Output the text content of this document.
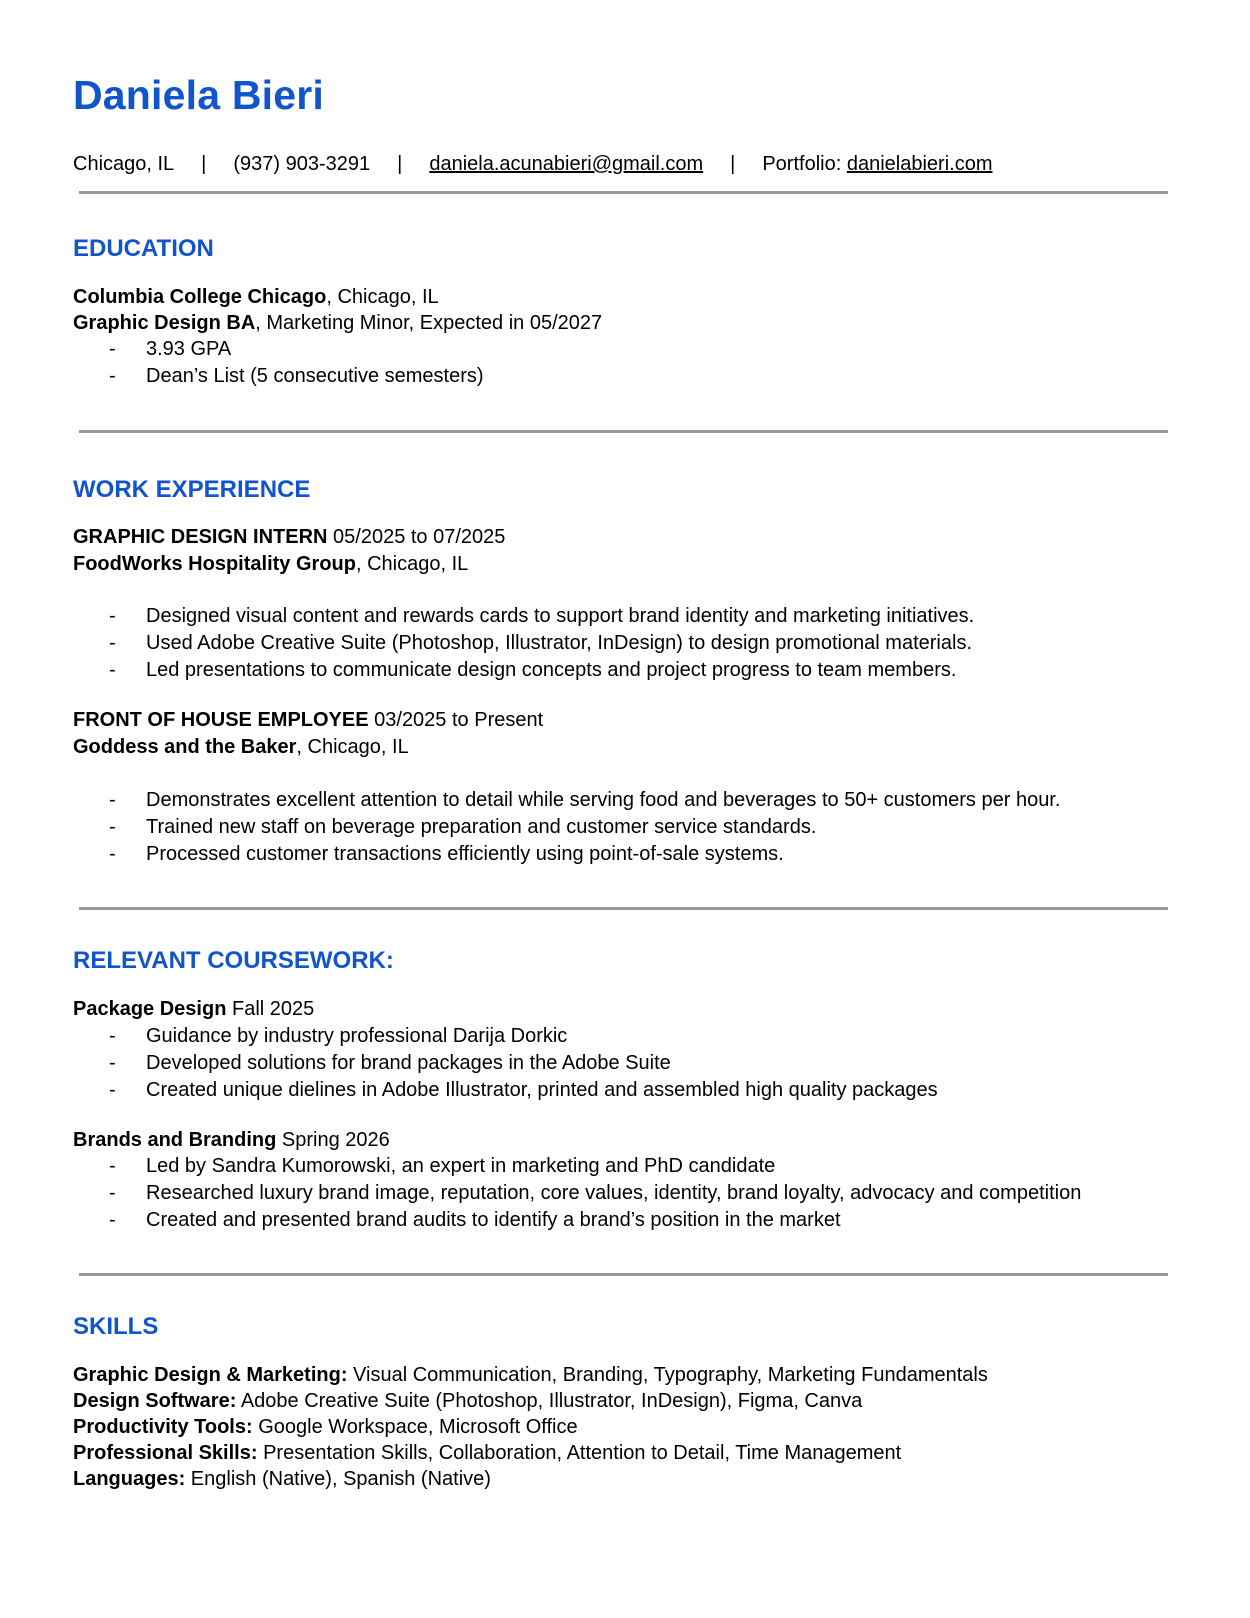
Daniela Bieri
Chicago, IL | (937) 903-3291 | daniela.acunabieri@gmail.com | Portfolio: danielabieri.com
EDUCATION
Columbia College Chicago, Chicago, IL
Graphic Design BA, Marketing Minor, Expected in 05/2027
- 3.93 GPA
- Dean’s List (5 consecutive semesters)
WORK EXPERIENCE
GRAPHIC DESIGN INTERN 05/2025 to 07/2025
FoodWorks Hospitality Group, Chicago, IL
- Designed visual content and rewards cards to support brand identity and marketing initiatives.
- Used Adobe Creative Suite (Photoshop, Illustrator, InDesign) to design promotional materials.
- Led presentations to communicate design concepts and project progress to team members.
FRONT OF HOUSE EMPLOYEE 03/2025 to Present
Goddess and the Baker, Chicago, IL
- Demonstrates excellent attention to detail while serving food and beverages to 50+ customers per hour.
- Trained new staff on beverage preparation and customer service standards.
- Processed customer transactions efficiently using point-of-sale systems.
RELEVANT COURSEWORK:
Package Design Fall 2025
- Guidance by industry professional Darija Dorkic
- Developed solutions for brand packages in the Adobe Suite
- Created unique dielines in Adobe Illustrator, printed and assembled high quality packages
Brands and Branding Spring 2026
- Led by Sandra Kumorowski, an expert in marketing and PhD candidate
- Researched luxury brand image, reputation, core values, identity, brand loyalty, advocacy and competition
- Created and presented brand audits to identify a brand’s position in the market
SKILLS
Graphic Design & Marketing: Visual Communication, Branding, Typography, Marketing Fundamentals
Design Software: Adobe Creative Suite (Photoshop, Illustrator, InDesign), Figma, Canva
Productivity Tools: Google Workspace, Microsoft Office
Professional Skills: Presentation Skills, Collaboration, Attention to Detail, Time Management
Languages: English (Native), Spanish (Native)
